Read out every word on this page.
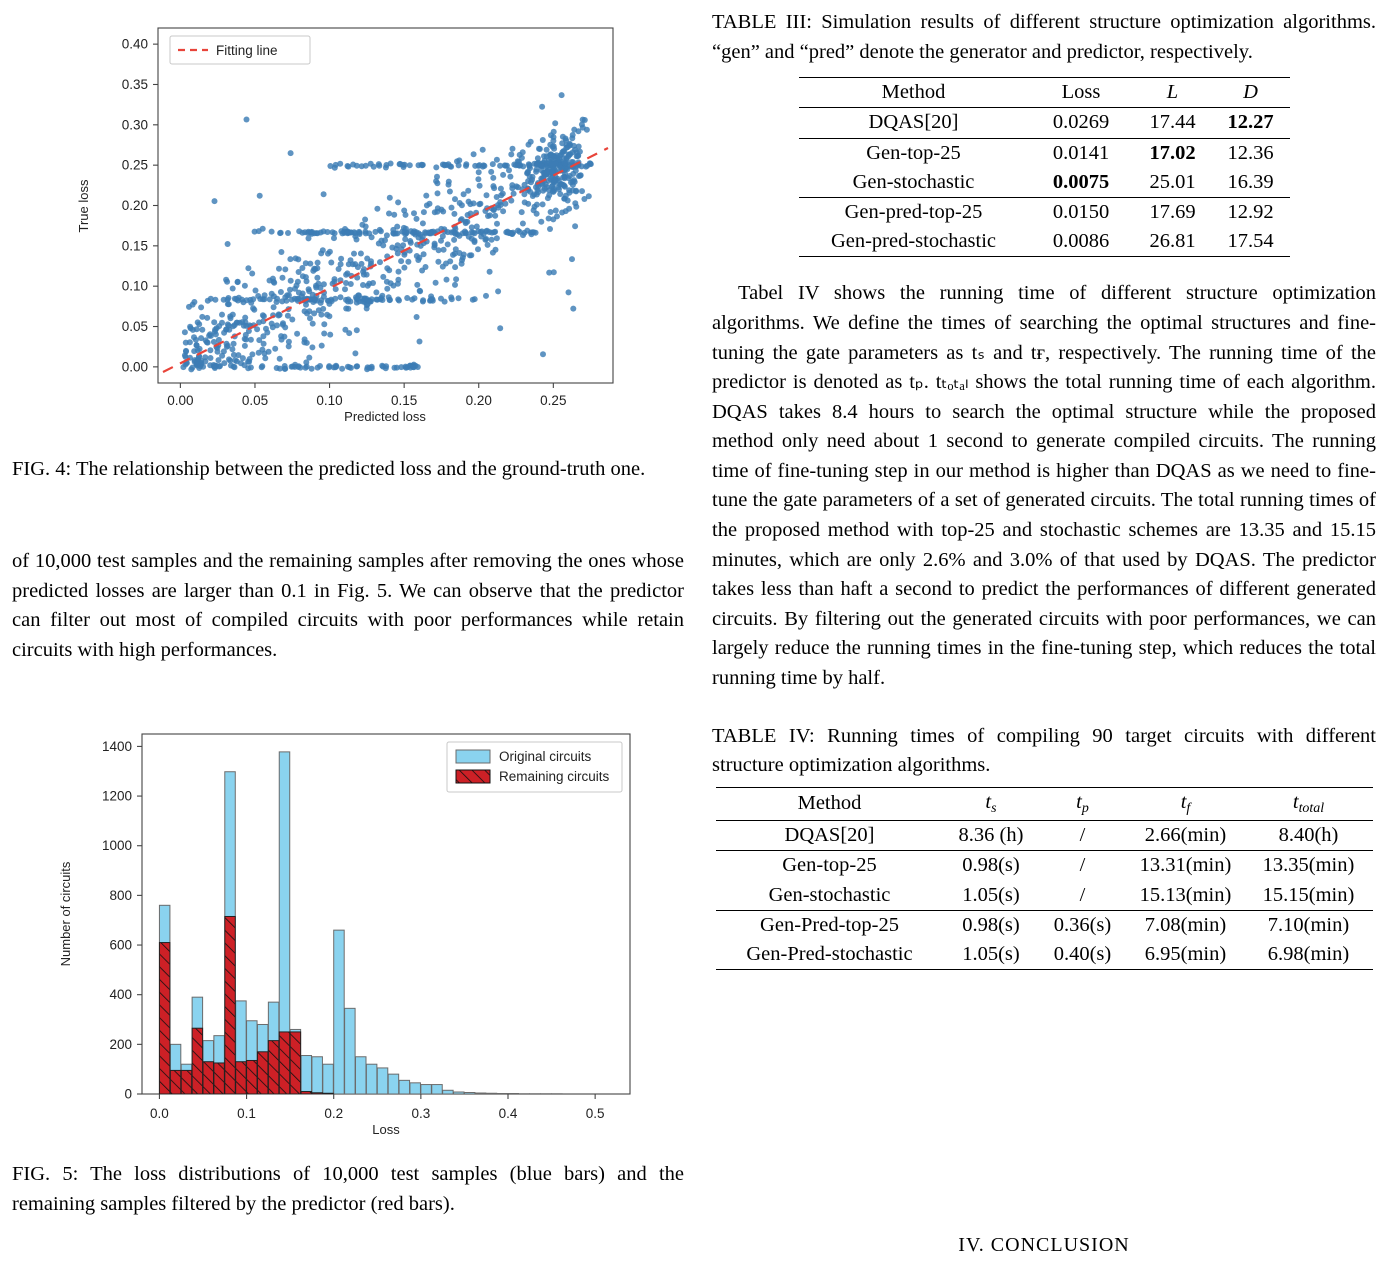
0.00
0.05
0.10
0.15
0.20
0.25
0.30
0.35
0.40
0.00	0.05	0.10	0.15	0.20	0.25
Fitting line
Predicted loss
True loss
FIG. 4: The relationship between the predicted loss and the ground-truth one.
of 10,000 test samples and the remaining samples after removing the ones whose predicted losses are larger than 0.1 in Fig. 5. We can observe that the predictor can filter out most of compiled circuits with poor performances while retain circuits with high performances.
0
200
400
600
800
1000
1200
1400
0.0	0.1	0.2	0.3	0.4	0.5
Original circuits
Remaining circuits
Loss
Number of circuits
FIG. 5: The loss distributions of 10,000 test samples (blue bars) and the remaining samples filtered by the predictor (red bars).
TABLE III: Simulation results of different structure optimization algorithms. “gen” and “pred” denote the generator and predictor, respectively.
Method	Loss	L	D
DQAS[20]	0.0269	17.44	12.27
Gen-top-25	0.0141	17.02	12.36
Gen-stochastic	0.0075	25.01	16.39
Gen-pred-top-25	0.0150	17.69	12.92
Gen-pred-stochastic	0.0086	26.81	17.54
Tabel IV shows the running time of different structure optimization algorithms. We define the times of searching the optimal structures and fine-tuning the gate parameters as tₛ and tғ, respectively. The running time of the predictor is denoted as tₚ. tₜₒₜₐₗ shows the total running time of each algorithm. DQAS takes 8.4 hours to search the optimal structure while the proposed method only need about 1 second to generate compiled circuits. The running time of fine-tuning step in our method is higher than DQAS as we need to fine-tune the gate parameters of a set of generated circuits. The total running times of the proposed method with top-25 and stochastic schemes are 13.35 and 15.15 minutes, which are only 2.6% and 3.0% of that used by DQAS. The predictor takes less than haft a second to predict the performances of different generated circuits. By filtering out the generated circuits with poor performances, we can largely reduce the running times in the fine-tuning step, which reduces the total running time by half.
TABLE IV: Running times of compiling 90 target circuits with different structure optimization algorithms.
Method	$t_s$	$t_p$	$t_f$	$t_{total}$
DQAS[20]	8.36 (h)	/	2.66(min)	8.40(h)
Gen-top-25	0.98(s)	/	13.31(min)	13.35(min)
Gen-stochastic	1.05(s)	/	15.13(min)	15.15(min)
Gen-Pred-top-25	0.98(s)	0.36(s)	7.08(min)	7.10(min)
Gen-Pred-stochastic	1.05(s)	0.40(s)	6.95(min)	6.98(min)
IV. CONCLUSION
